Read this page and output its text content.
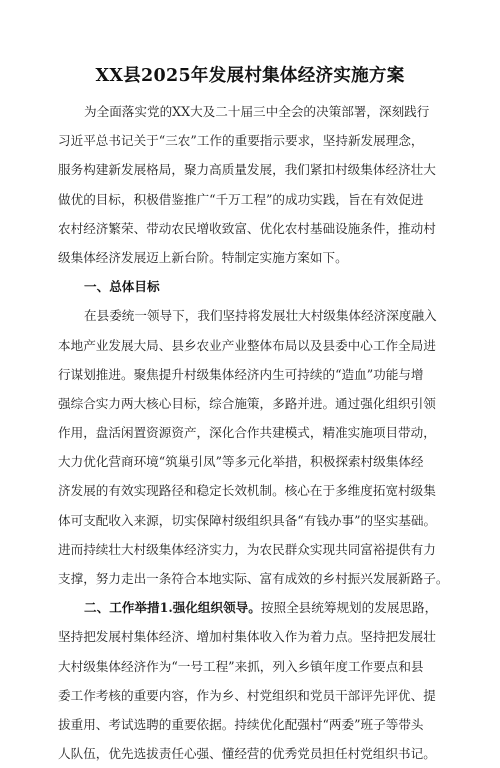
XX县2025年发展村集体经济实施方案
为全面落实党的XX大及二十届三中全会的决策部署，深刻践行
习近平总书记关于“三农”工作的重要指示要求，坚持新发展理念，
服务构建新发展格局，聚力高质量发展，我们紧扣村级集体经济壮大
做优的目标，积极借鉴推广“千万工程”的成功实践，旨在有效促进
农村经济繁荣、带动农民增收致富、优化农村基础设施条件，推动村
级集体经济发展迈上新台阶。特制定实施方案如下。
一、总体目标
在县委统一领导下，我们坚持将发展壮大村级集体经济深度融入
本地产业发展大局、县乡农业产业整体布局以及县委中心工作全局进
行谋划推进。聚焦提升村级集体经济内生可持续的“造血”功能与增
强综合实力两大核心目标，综合施策，多路并进。通过强化组织引领
作用，盘活闲置资源资产，深化合作共建模式，精准实施项目带动，
大力优化营商环境“筑巢引凤”等多元化举措，积极探索村级集体经
济发展的有效实现路径和稳定长效机制。核心在于多维度拓宽村级集
体可支配收入来源，切实保障村级组织具备“有钱办事”的坚实基础。
进而持续壮大村级集体经济实力，为农民群众实现共同富裕提供有力
支撑，努力走出一条符合本地实际、富有成效的乡村振兴发展新路子。
二、工作举措1.强化组织领导。按照全县统筹规划的发展思路，
坚持把发展村集体经济、增加村集体收入作为着力点。坚持把发展壮
大村级集体经济作为“一号工程”来抓，列入乡镇年度工作要点和县
委工作考核的重要内容，作为乡、村党组织和党员干部评先评优、提
拔重用、考试选聘的重要依据。持续优化配强村“两委”班子等带头
人队伍，优先选拔责任心强、懂经营的优秀党员担任村党组织书记。
